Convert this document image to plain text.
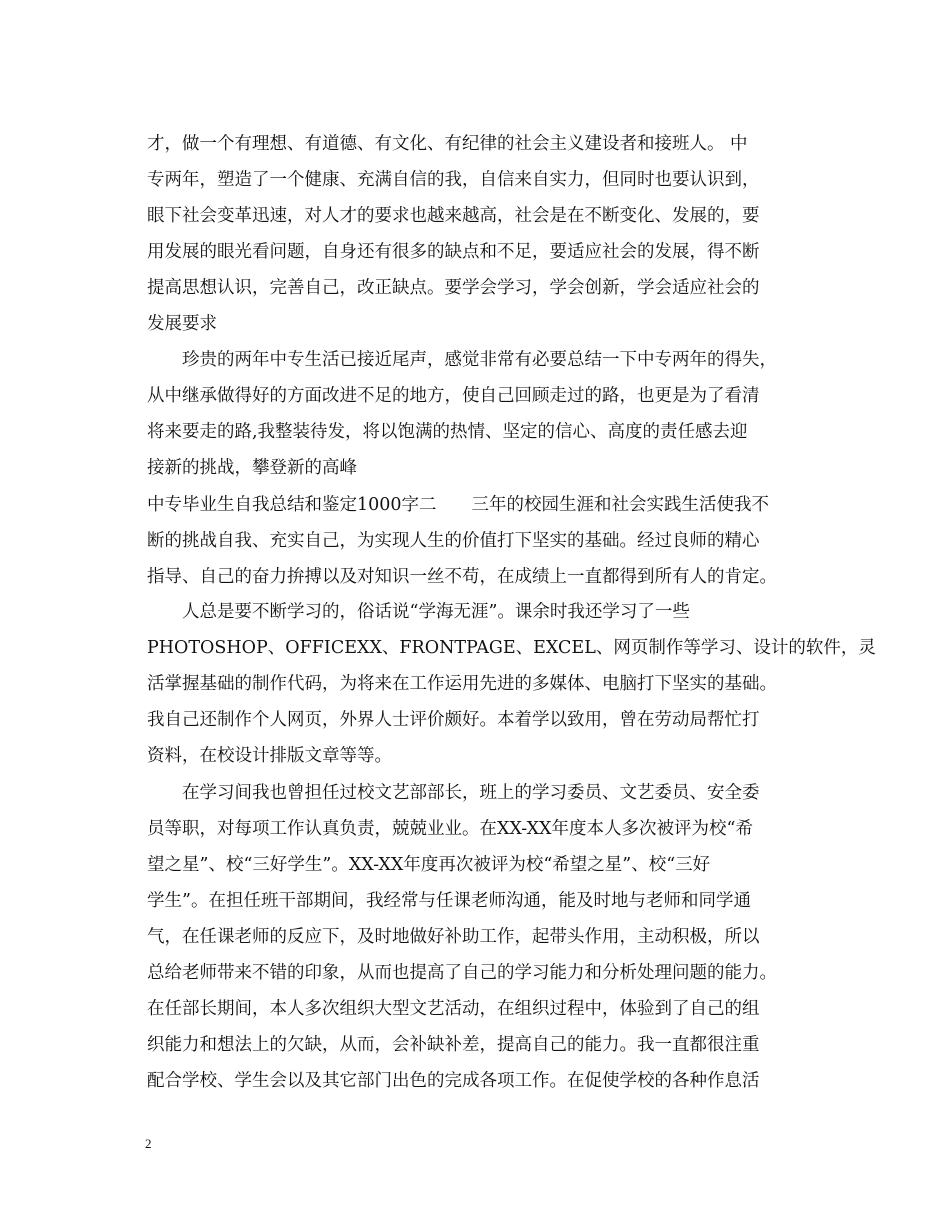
才，做一个有理想、有道德、有文化、有纪律的社会主义建设者和接班人。 中
专两年，塑造了一个健康、充满自信的我，自信来自实力，但同时也要认识到，
眼下社会变革迅速，对人才的要求也越来越高，社会是在不断变化、发展的，要
用发展的眼光看问题，自身还有很多的缺点和不足，要适应社会的发展，得不断
提高思想认识，完善自己，改正缺点。要学会学习，学会创新，学会适应社会的
发展要求
　　珍贵的两年中专生活已接近尾声，感觉非常有必要总结一下中专两年的得失，
从中继承做得好的方面改进不足的地方，使自己回顾走过的路，也更是为了看清
将来要走的路,我整装待发，将以饱满的热情、坚定的信心、高度的责任感去迎
接新的挑战，攀登新的高峰
中专毕业生自我总结和鉴定1000字二　　三年的校园生涯和社会实践生活使我不
断的挑战自我、充实自己，为实现人生的价值打下坚实的基础。经过良师的精心
指导、自己的奋力拚搏以及对知识一丝不苟，在成绩上一直都得到所有人的肯定。
　　人总是要不断学习的，俗话说“学海无涯”。课余时我还学习了一些
PHOTOSHOP、OFFICEXX、FRONTPAGE、EXCEL、网页制作等学习、设计的软件，灵
活掌握基础的制作代码，为将来在工作运用先进的多媒体、电脑打下坚实的基础。
我自己还制作个人网页，外界人士评价颇好。本着学以致用，曾在劳动局帮忙打
资料，在校设计排版文章等等。
　　在学习间我也曾担任过校文艺部部长，班上的学习委员、文艺委员、安全委
员等职，对每项工作认真负责，兢兢业业。在XX-XX年度本人多次被评为校“希
望之星”、校“三好学生”。XX-XX年度再次被评为校“希望之星”、校“三好
学生”。在担任班干部期间，我经常与任课老师沟通，能及时地与老师和同学通
气，在任课老师的反应下，及时地做好补助工作，起带头作用，主动积极，所以
总给老师带来不错的印象，从而也提高了自己的学习能力和分析处理问题的能力。
在任部长期间，本人多次组织大型文艺活动，在组织过程中，体验到了自己的组
织能力和想法上的欠缺，从而，会补缺补差，提高自己的能力。我一直都很注重
配合学校、学生会以及其它部门出色的完成各项工作。在促使学校的各种作息活
2
